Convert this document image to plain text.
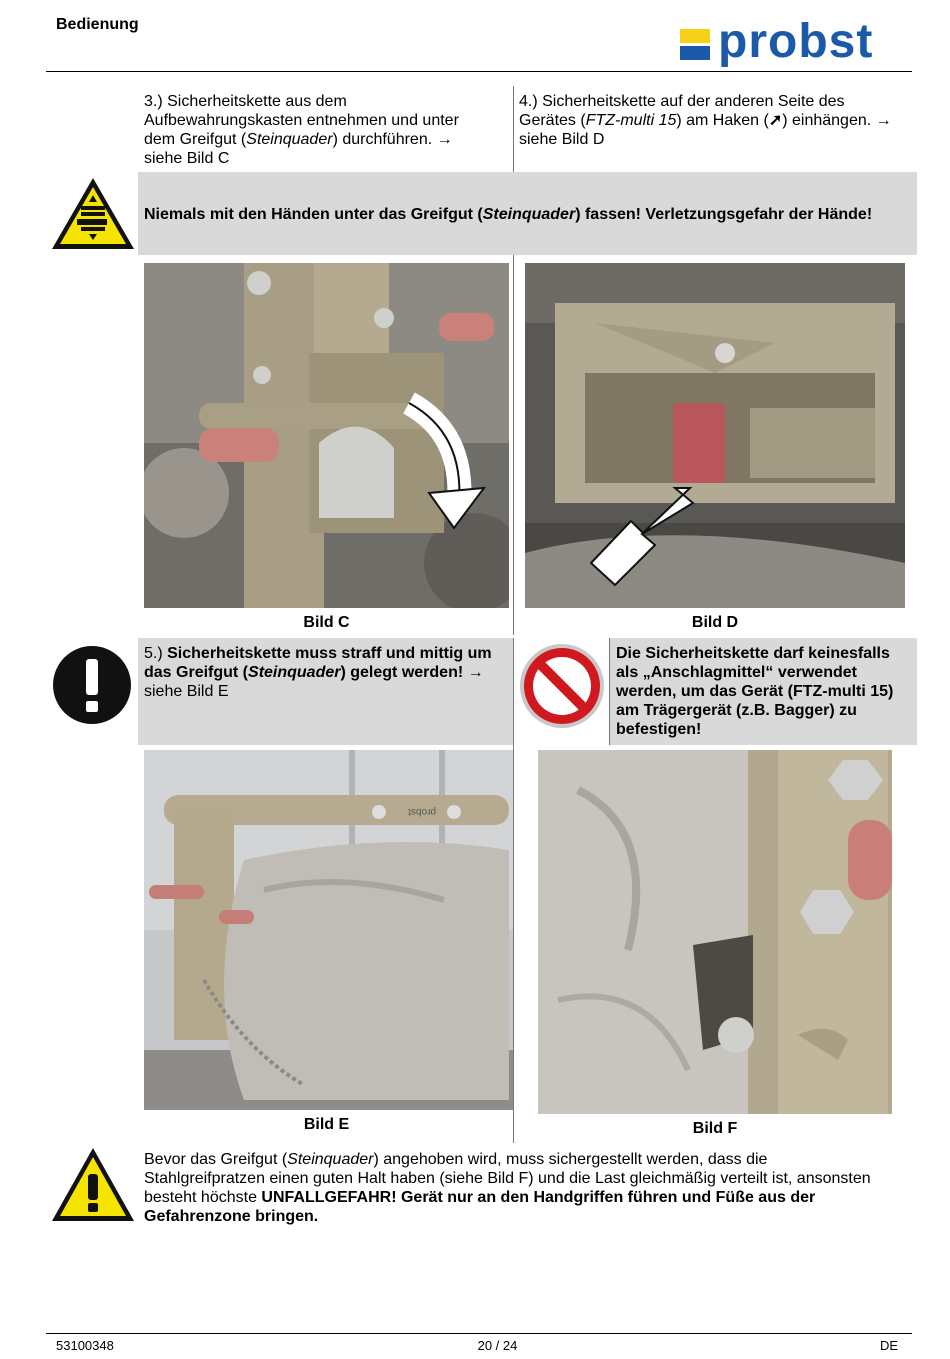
Bedienung	probst
3.) Sicherheitskette aus dem
Aufbewahrungskasten entnehmen und unter
dem Greifgut (Steinquader) durchführen. →
siehe Bild C
4.) Sicherheitskette auf der anderen Seite des
Gerätes (FTZ-multi 15) am Haken (➚) einhängen. →
siehe Bild D
Niemals mit den Händen unter das Greifgut (Steinquader) fassen! Verletzungsgefahr der Hände!
Bild C	Bild D
5.) Sicherheitskette muss straff und mittig um
das Greifgut (Steinquader) gelegt werden! →
siehe Bild E
Die Sicherheitskette darf keinesfalls
als „Anschlagmittel“ verwendet
werden, um das Gerät (FTZ-multi 15)
am Trägergerät (z.B. Bagger) zu
befestigen!
probst
Bild E	Bild F
Bevor das Greifgut (Steinquader) angehoben wird, muss sichergestellt werden, dass die
Stahlgreifpratzen einen guten Halt haben (siehe Bild F) und die Last gleichmäßig verteilt ist, ansonsten
besteht höchste UNFALLGEFAHR! Gerät nur an den Handgriffen führen und Füße aus der
Gefahrenzone bringen.
53100348	20 / 24	DE
